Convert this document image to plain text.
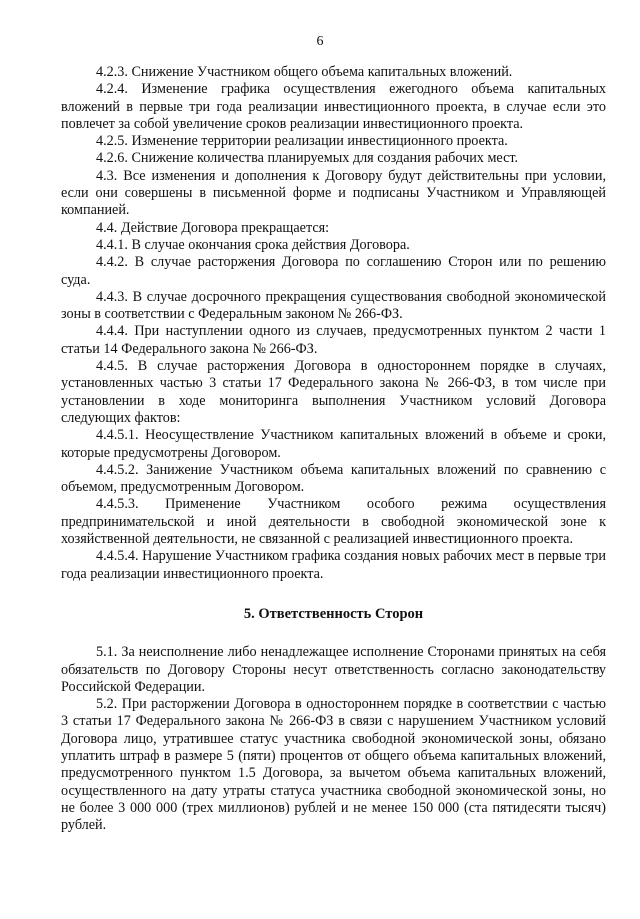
6

4.2.3. Снижение Участником общего объема капитальных вложений.

4.2.4. Изменение графика осуществления ежегодного объема капитальных вложений в первые три года реализации инвестиционного проекта, в случае если это повлечет за собой увеличение сроков реализации инвестиционного проекта.

4.2.5. Изменение территории реализации инвестиционного проекта.

4.2.6. Снижение количества планируемых для создания рабочих мест.

4.3. Все изменения и дополнения к Договору будут действительны при условии, если они совершены в письменной форме и подписаны Участником и Управляющей компанией.

4.4. Действие Договора прекращается:

4.4.1. В случае окончания срока действия Договора.

4.4.2. В случае расторжения Договора по соглашению Сторон или по решению суда.

4.4.3. В случае досрочного прекращения существования свободной экономической зоны в соответствии с Федеральным законом № 266-ФЗ.

4.4.4. При наступлении одного из случаев, предусмотренных пунктом 2 части 1 статьи 14 Федерального закона № 266-ФЗ.

4.4.5. В случае расторжения Договора в одностороннем порядке в случаях, установленных частью 3 статьи 17 Федерального закона № 266-ФЗ, в том числе при установлении в ходе мониторинга выполнения Участником условий Договора следующих фактов:

4.4.5.1. Неосуществление Участником капитальных вложений в объеме и сроки, которые предусмотрены Договором.

4.4.5.2. Занижение Участником объема капитальных вложений по сравнению с объемом, предусмотренным Договором.

4.4.5.3. Применение Участником особого режима осуществления предпринимательской и иной деятельности в свободной экономической зоне к хозяйственной деятельности, не связанной с реализацией инвестиционного проекта.

4.4.5.4. Нарушение Участником графика создания новых рабочих мест в первые три года реализации инвестиционного проекта.

5. Ответственность Сторон

5.1. За неисполнение либо ненадлежащее исполнение Сторонами принятых на себя обязательств по Договору Стороны несут ответственность согласно законодательству Российской Федерации.

5.2. При расторжении Договора в одностороннем порядке в соответствии с частью 3 статьи 17 Федерального закона № 266-ФЗ в связи с нарушением Участником условий Договора лицо, утратившее статус участника свободной экономической зоны, обязано уплатить штраф в размере 5 (пяти) процентов от общего объема капитальных вложений, предусмотренного пунктом 1.5 Договора, за вычетом объема капитальных вложений, осуществленного на дату утраты статуса участника свободной экономической зоны, но не более 3 000 000 (трех миллионов) рублей и не менее 150 000 (ста пятидесяти тысяч) рублей.
